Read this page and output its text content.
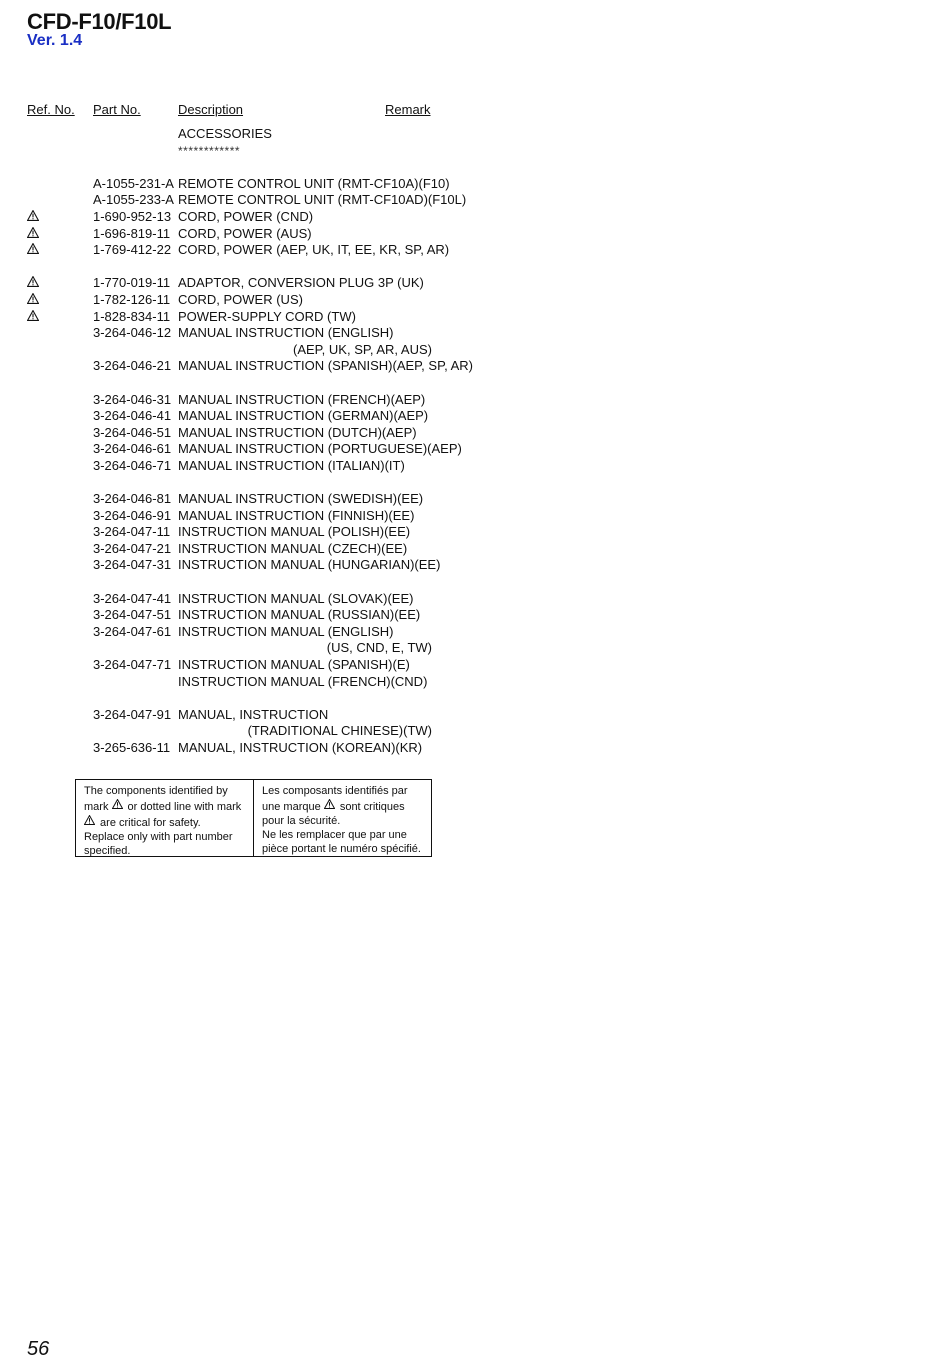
CFD-F10/F10L
Ver. 1.4
Ref. No. Part No.	Description	Remark
ACCESSORIES
************
A-1055-231-A REMOTE CONTROL UNIT (RMT-CF10A)(F10)
A-1055-233-A REMOTE CONTROL UNIT (RMT-CF10AD)(F10L)
1-690-952-13 CORD, POWER (CND)
1-696-819-11 CORD, POWER (AUS)
1-769-412-22 CORD, POWER (AEP, UK, IT, EE, KR, SP, AR)
1-770-019-11 ADAPTOR, CONVERSION PLUG 3P (UK)
1-782-126-11 CORD, POWER (US)
1-828-834-11 POWER-SUPPLY CORD (TW)
3-264-046-12 MANUAL INSTRUCTION (ENGLISH)
(AEP, UK, SP, AR, AUS)
3-264-046-21 MANUAL INSTRUCTION (SPANISH)(AEP, SP, AR)
3-264-046-31 MANUAL INSTRUCTION (FRENCH)(AEP)
3-264-046-41 MANUAL INSTRUCTION (GERMAN)(AEP)
3-264-046-51 MANUAL INSTRUCTION (DUTCH)(AEP)
3-264-046-61 MANUAL INSTRUCTION (PORTUGUESE)(AEP)
3-264-046-71 MANUAL INSTRUCTION (ITALIAN)(IT)
3-264-046-81 MANUAL INSTRUCTION (SWEDISH)(EE)
3-264-046-91 MANUAL INSTRUCTION (FINNISH)(EE)
3-264-047-11 INSTRUCTION MANUAL (POLISH)(EE)
3-264-047-21 INSTRUCTION MANUAL (CZECH)(EE)
3-264-047-31 INSTRUCTION MANUAL (HUNGARIAN)(EE)
3-264-047-41 INSTRUCTION MANUAL (SLOVAK)(EE)
3-264-047-51 INSTRUCTION MANUAL (RUSSIAN)(EE)
3-264-047-61 INSTRUCTION MANUAL (ENGLISH)
(US, CND, E, TW)
3-264-047-71 INSTRUCTION MANUAL (SPANISH)(E)
INSTRUCTION MANUAL (FRENCH)(CND)
3-264-047-91 MANUAL, INSTRUCTION
(TRADITIONAL CHINESE)(TW)
3-265-636-11 MANUAL, INSTRUCTION (KOREAN)(KR)
The components identified by
mark
or dotted line with mark

are critical for safety.
Replace only with part number
specified.
Les composants identifiés par
une marque
sont critiques
pour la sécurité.
Ne les remplacer que par une
pièce portant le numéro spécifié.
56
